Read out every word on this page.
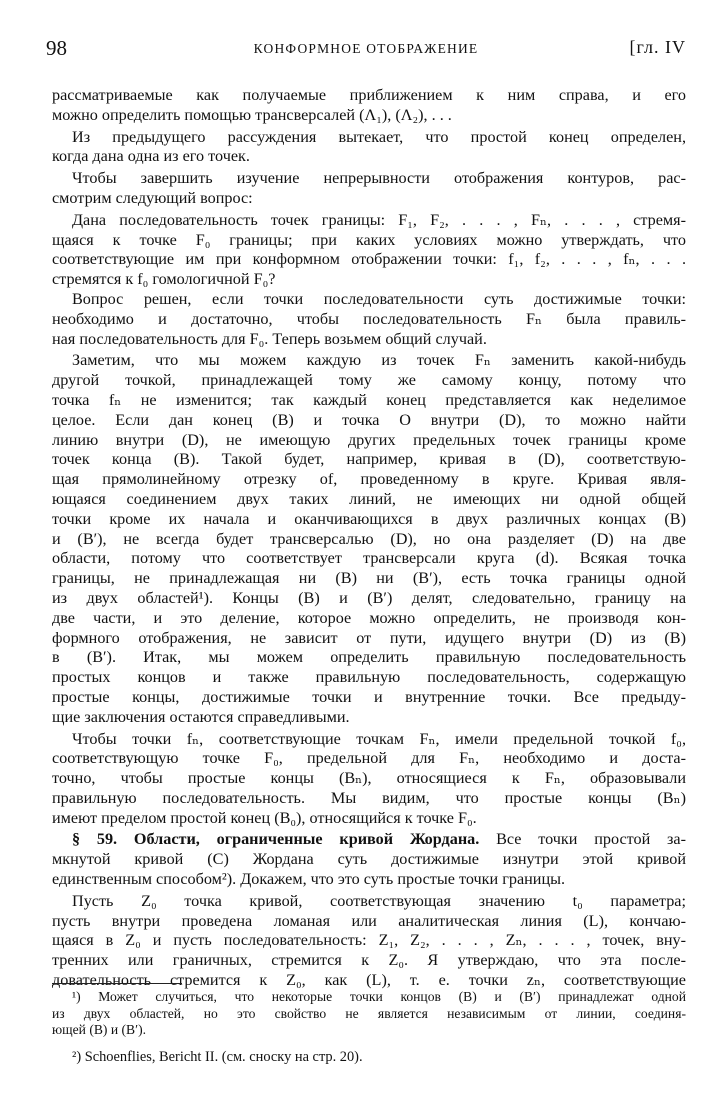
98	КОНФОРМНОЕ ОТОБРАЖЕНИЕ	[гл. IV
рассматриваемые как получаемые приближением к ним справа, и его
можно определить помощью трансверсалей (Λ₁), (Λ₂), . . .
Из предыдущего рассуждения вытекает, что простой конец определен,
когда дана одна из его точек.
Чтобы завершить изучение непрерывности отображения контуров, рас-
смотрим следующий вопрос:
Дана последовательность точек границы: F₁, F₂, . . . , Fₙ, . . . , стремя-
щаяся к точке F₀ границы; при каких условиях можно утверждать, что
соответствующие им при конформном отображении точки: f₁, f₂, . . . , fₙ, . . .
стремятся к f₀ гомологичной F₀?
Вопрос решен, если точки последовательности суть достижимые точки:
необходимо и достаточно, чтобы последовательность Fₙ была правиль-
ная последовательность для F₀. Теперь возьмем общий случай.
Заметим, что мы можем каждую из точек Fₙ заменить какой-нибудь
другой точкой, принадлежащей тому же самому концу, потому что
точка fₙ не изменится; так каждый конец представляется как неделимое
целое. Если дан конец (B) и точка O внутри (D), то можно найти
линию внутри (D), не имеющую других предельных точек границы кроме
точек конца (B). Такой будет, например, кривая в (D), соответствую-
щая прямолинейному отрезку of, проведенному в круге. Кривая явля-
ющаяся соединением двух таких линий, не имеющих ни одной общей
точки кроме их начала и оканчивающихся в двух различных концах (B)
и (B′), не всегда будет трансверсалью (D), но она разделяет (D) на две
области, потому что соответствует трансверсали круга (d). Всякая точка
границы, не принадлежащая ни (B) ни (B′), есть точка границы одной
из двух областей¹). Концы (B) и (B′) делят, следовательно, границу на
две части, и это деление, которое можно определить, не производя кон-
формного отображения, не зависит от пути, идущего внутри (D) из (B)
в (B′). Итак, мы можем определить правильную последовательность
простых концов и также правильную последовательность, содержащую
простые концы, достижимые точки и внутренние точки. Все предыду-
щие заключения остаются справедливыми.
Чтобы точки fₙ, соответствующие точкам Fₙ, имели предельной точкой f₀,
соответствующую точке F₀, предельной для Fₙ, необходимо и доста-
точно, чтобы простые концы (Bₙ), относящиеся к Fₙ, образовывали
правильную последовательность. Мы видим, что простые концы (Bₙ)
имеют пределом простой конец (B₀), относящийся к точке F₀.
§ 59. Области, ограниченные кривой Жордана. Все точки простой за-
мкнутой кривой (C) Жордана суть достижимые изнутри этой кривой
единственным способом²). Докажем, что это суть простые точки границы.
Пусть Z₀ точка кривой, соответствующая значению t₀ параметра;
пусть внутри проведена ломаная или аналитическая линия (L), кончаю-
щаяся в Z₀ и пусть последовательность: Z₁, Z₂, . . . , Zₙ, . . . , точек, вну-
тренних или граничных, стремится к Z₀. Я утверждаю, что эта после-
довательность стремится к Z₀, как (L), т. е. точки zₙ, соответствующие
¹) Может случиться, что некоторые точки концов (B) и (B′) принадлежат одной
из двух областей, но это свойство не является независимым от линии, соединя-
ющей (B) и (B′).
²) Schoenflies, Bericht II. (см. сноску на стр. 20).
